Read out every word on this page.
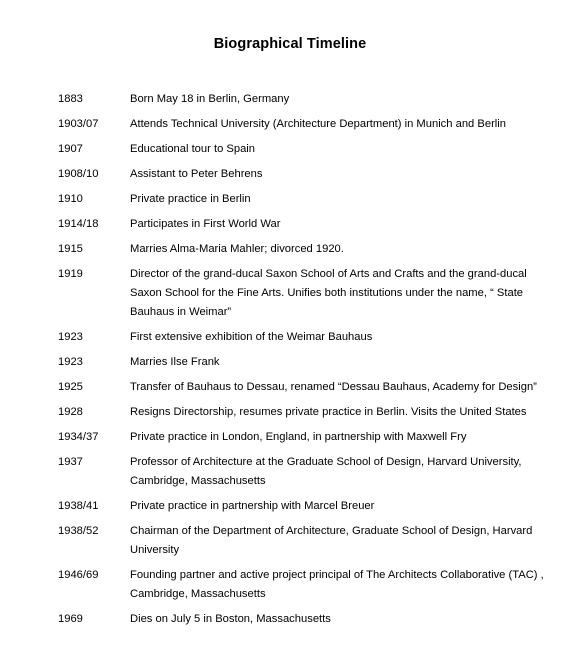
Biographical Timeline
1883	Born May 18 in Berlin, Germany
1903/07	Attends Technical University (Architecture Department) in Munich and Berlin
1907	Educational tour to Spain
1908/10	Assistant to Peter Behrens
1910	Private practice in Berlin
1914/18	Participates in First World War
1915	Marries Alma-Maria Mahler; divorced 1920.
1919	Director of the grand-ducal Saxon School of Arts and Crafts and the grand-ducal Saxon School for the Fine Arts. Unifies both institutions under the name, “ State Bauhaus in Weimar”
1923	First extensive exhibition of the Weimar Bauhaus
1923	Marries Ilse Frank
1925	Transfer of Bauhaus to Dessau, renamed “Dessau Bauhaus, Academy for Design”
1928	Resigns Directorship, resumes private practice in Berlin. Visits the United States
1934/37	Private practice in London, England, in partnership with Maxwell Fry
1937	Professor of Architecture at the Graduate School of Design, Harvard University, Cambridge, Massachusetts
1938/41	Private practice in partnership with Marcel Breuer
1938/52	Chairman of the Department of Architecture, Graduate School of Design, Harvard University
1946/69	Founding partner and active project principal of The Architects Collaborative (TAC) , Cambridge, Massachusetts
1969	Dies on July 5 in Boston, Massachusetts
